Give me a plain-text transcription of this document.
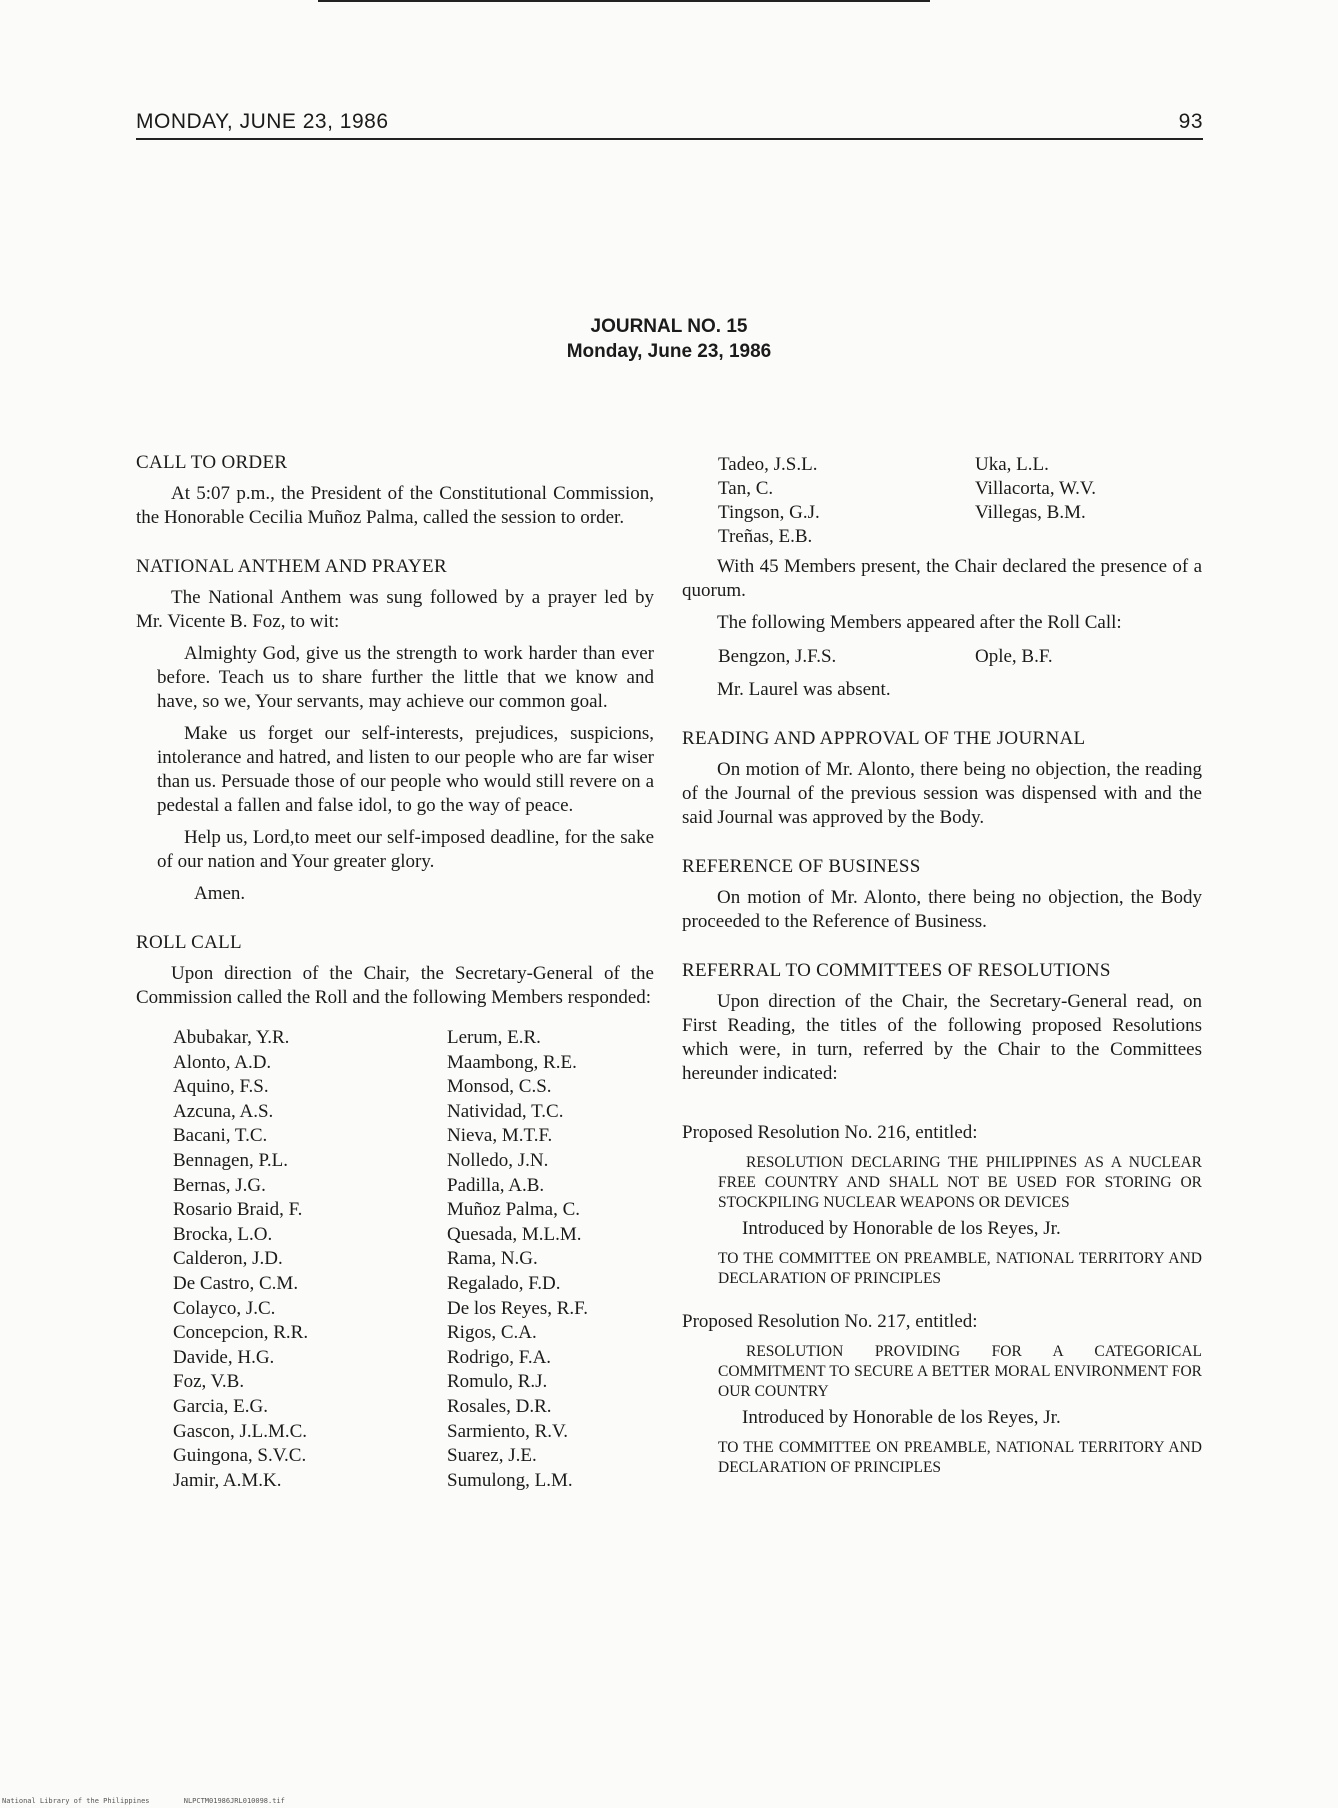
MONDAY, JUNE 23, 1986	93
JOURNAL NO. 15
Monday, June 23, 1986
CALL TO ORDER

At 5:07 p.m., the President of the Constitutional Commission, the Honorable Cecilia Muñoz Palma, called the session to order.

NATIONAL ANTHEM AND PRAYER

The National Anthem was sung followed by a prayer led by Mr. Vicente B. Foz, to wit:

Almighty God, give us the strength to work harder than ever before. Teach us to share further the little that we know and have, so we, Your servants, may achieve our common goal.

Make us forget our self-interests, prejudices, suspicions, intolerance and hatred, and listen to our people who are far wiser than us. Persuade those of our people who would still revere on a pedestal a fallen and false idol, to go the way of peace.

Help us, Lord,to meet our self-imposed deadline, for the sake of our nation and Your greater glory.

Amen.

ROLL CALL

Upon direction of the Chair, the Secretary-General of the Commission called the Roll and the following Members responded:

Abubakar, Y.R.	Lerum, E.R.
Alonto, A.D.	Maambong, R.E.
Aquino, F.S.	Monsod, C.S.
Azcuna, A.S.	Natividad, T.C.
Bacani, T.C.	Nieva, M.T.F.
Bennagen, P.L.	Nolledo, J.N.
Bernas, J.G.	Padilla, A.B.
Rosario Braid, F.	Muñoz Palma, C.
Brocka, L.O.	Quesada, M.L.M.
Calderon, J.D.	Rama, N.G.
De Castro, C.M.	Regalado, F.D.
Colayco, J.C.	De los Reyes, R.F.
Concepcion, R.R.	Rigos, C.A.
Davide, H.G.	Rodrigo, F.A.
Foz, V.B.	Romulo, R.J.
Garcia, E.G.	Rosales, D.R.
Gascon, J.L.M.C.	Sarmiento, R.V.
Guingona, S.V.C.	Suarez, J.E.
Jamir, A.M.K.	Sumulong, L.M.
Tadeo, J.S.L.	Uka, L.L.
Tan, C.	Villacorta, W.V.
Tingson, G.J.	Villegas, B.M.
Treñas, E.B.

With 45 Members present, the Chair declared the presence of a quorum.

The following Members appeared after the Roll Call:

Bengzon, J.F.S.	Ople, B.F.

Mr. Laurel was absent.

READING AND APPROVAL OF THE JOURNAL

On motion of Mr. Alonto, there being no objection, the reading of the Journal of the previous session was dispensed with and the said Journal was approved by the Body.

REFERENCE OF BUSINESS

On motion of Mr. Alonto, there being no objection, the Body proceeded to the Reference of Business.

REFERRAL TO COMMITTEES OF RESOLUTIONS

Upon direction of the Chair, the Secretary-General read, on First Reading, the titles of the following proposed Resolutions which were, in turn, referred by the Chair to the Committees hereunder indicated:

Proposed Resolution No. 216, entitled:

RESOLUTION DECLARING THE PHILIPPINES AS A NUCLEAR FREE COUNTRY AND SHALL NOT BE USED FOR STORING OR STOCKPILING NUCLEAR WEAPONS OR DEVICES
Introduced by Honorable de los Reyes, Jr.
TO THE COMMITTEE ON PREAMBLE, NATIONAL TERRITORY AND DECLARATION OF PRINCIPLES

Proposed Resolution No. 217, entitled:

RESOLUTION PROVIDING FOR A CATEGORICAL COMMITMENT TO SECURE A BETTER MORAL ENVIRONMENT FOR OUR COUNTRY
Introduced by Honorable de los Reyes, Jr.
TO THE COMMITTEE ON PREAMBLE, NATIONAL TERRITORY AND DECLARATION OF PRINCIPLES
National Library of the Philippines	NLPCTM01986JRL010098.tif
